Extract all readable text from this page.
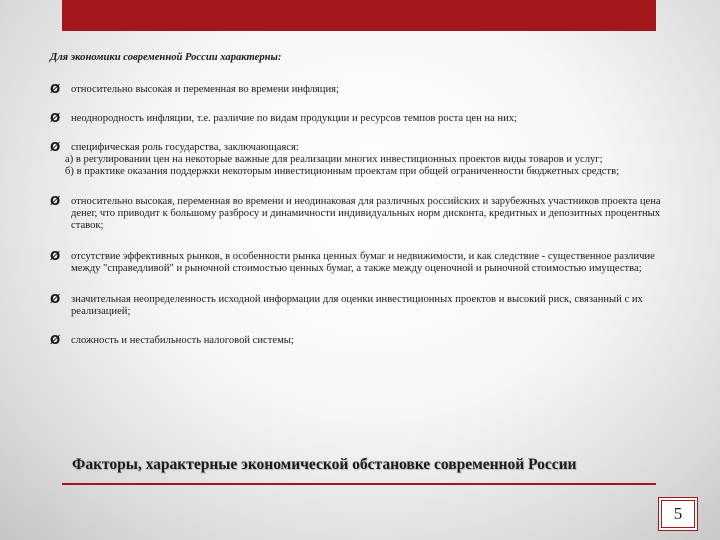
Для экономики современной России характерны:

Ø относительно высокая и переменная во времени инфляция;
Ø неоднородность инфляции, т.е. различие по видам продукции и ресурсов темпов роста цен на них;
Ø специфическая роль государства, заключающаяся:
а) в регулировании цен на некоторые важные для реализации многих инвестиционных проектов виды товаров и услуг;
б) в практике оказания поддержки некоторым инвестиционным проектам при общей ограниченности бюджетных средств;
Ø относительно высокая, переменная во времени и неодинаковая для различных российских и зарубежных участников проекта цена денег, что приводит к большому разбросу и динамичности индивидуальных норм дисконта, кредитных и депозитных процентных ставок;
Ø отсутствие эффективных рынков, в особенности рынка ценных бумаг и недвижимости, и как следствие - существенное различие между "справедливой" и рыночной стоимостью ценных бумаг, а также между оценочной и рыночной стоимостью имущества;
Ø значительная неопределенность исходной информации для оценки инвестиционных проектов и высокий риск, связанный с их реализацией;
Ø сложность и нестабильность налоговой системы;
Факторы, характерные экономической обстановке современной России
5
